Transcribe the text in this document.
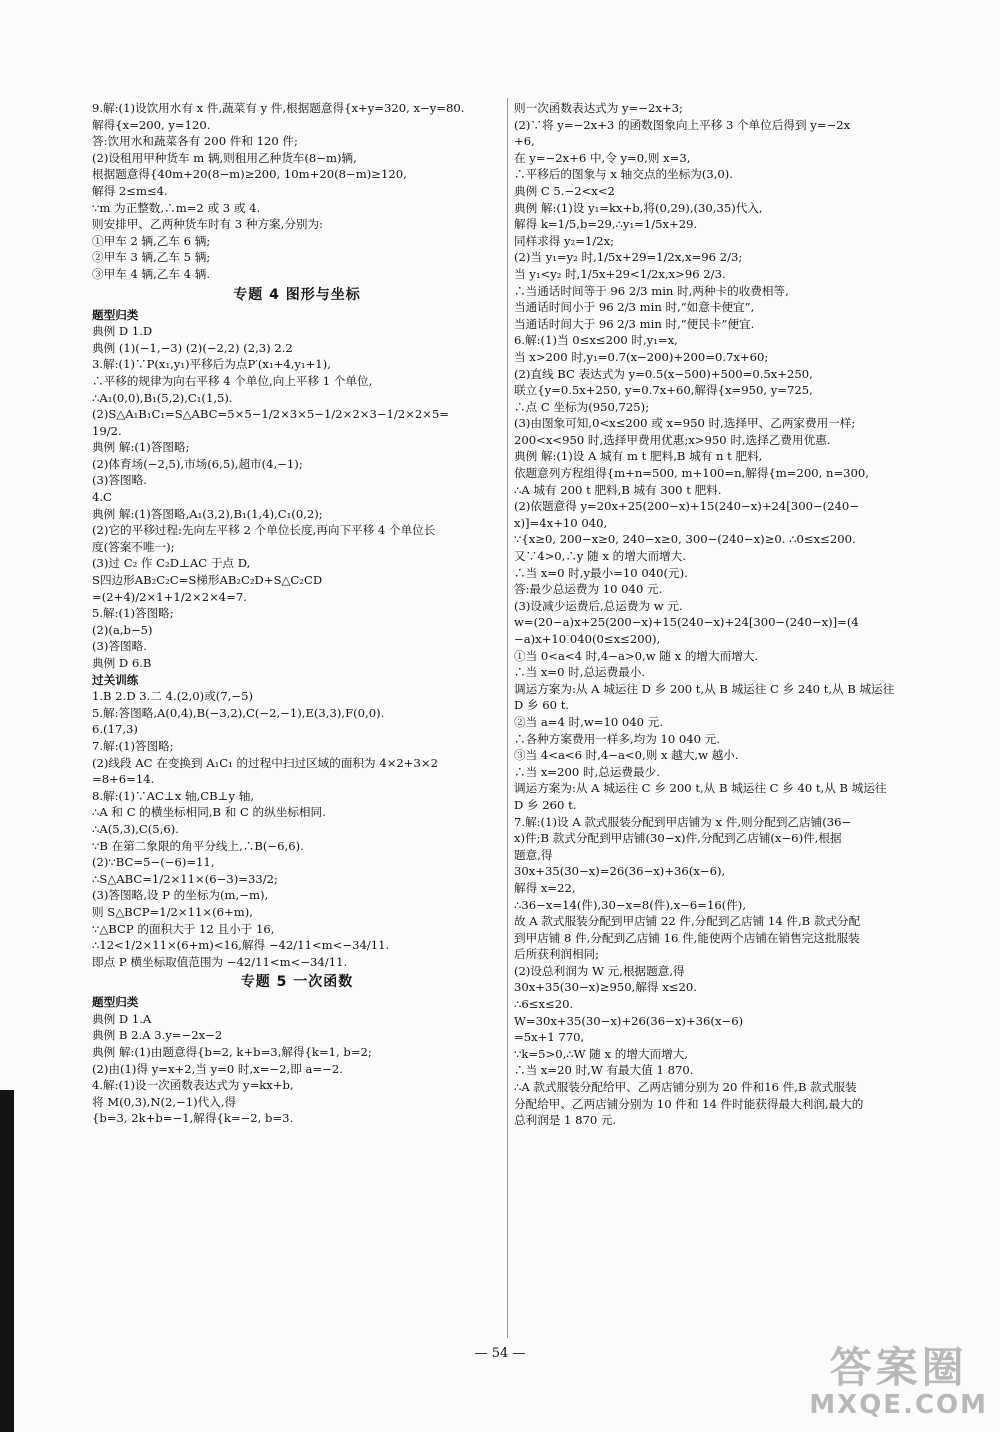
9.解:(1)设饮用水有 x 件,蔬菜有 y 件,根据题意得{x+y=320, x−y=80.
解得{x=200, y=120.
答:饮用水和蔬菜各有 200 件和 120 件;
(2)设租用甲种货车 m 辆,则租用乙种货车(8−m)辆,
根据题意得{40m+20(8−m)≥200, 10m+20(8−m)≥120,
解得 2≤m≤4.
∵m 为正整数,∴m=2 或 3 或 4.
则安排甲、乙两种货车时有 3 种方案,分别为:
①甲车 2 辆,乙车 6 辆;
②甲车 3 辆,乙车 5 辆;
③甲车 4 辆,乙车 4 辆.
专题 4 图形与坐标
题型归类
典例 D 1.D
典例 (1)(−1,−3) (2)(−2,2) (2,3) 2.2
3.解:(1)∵P(x₁,y₁)平移后为点P′(x₁+4,y₁+1),
∴平移的规律为向右平移 4 个单位,向上平移 1 个单位,
∴A₁(0,0),B₁(5,2),C₁(1,5).
(2)S△A₁B₁C₁=S△ABC=5×5−1/2×3×5−1/2×2×3−1/2×2×5=
19/2.
典例 解:(1)答图略;
(2)体育场(−2,5),市场(6,5),超市(4,−1);
(3)答图略.
4.C
典例 解:(1)答图略,A₁(3,2),B₁(1,4),C₁(0,2);
(2)它的平移过程:先向左平移 2 个单位长度,再向下平移 4 个单位长
度(答案不唯一);
(3)过 C₂ 作 C₂D⊥AC 于点 D,
S四边形AB₂C₂C=S梯形AB₂C₂D+S△C₂CD
=(2+4)/2×1+1/2×2×4=7.
5.解:(1)答图略;
(2)(a,b−5)
(3)答图略.
典例 D 6.B
过关训练
1.B 2.D 3.二 4.(2,0)或(7,−5)
5.解:答图略,A(0,4),B(−3,2),C(−2,−1),E(3,3),F(0,0).
6.(17,3)
7.解:(1)答图略;
(2)线段 AC 在变换到 A₁C₁ 的过程中扫过区域的面积为 4×2+3×2
=8+6=14.
8.解:(1)∵AC⊥x 轴,CB⊥y 轴,
∴A 和 C 的横坐标相同,B 和 C 的纵坐标相同.
∴A(5,3),C(5,6).
∵B 在第二象限的角平分线上,∴B(−6,6).
(2)∵BC=5−(−6)=11,
∴S△ABC=1/2×11×(6−3)=33/2;
(3)答图略,设 P 的坐标为(m,−m),
则 S△BCP=1/2×11×(6+m),
∵△BCP 的面积大于 12 且小于 16,
∴12<1/2×11×(6+m)<16,解得 −42/11<m<−34/11.
即点 P 横坐标取值范围为 −42/11<m<−34/11.
专题 5 一次函数
题型归类
典例 D 1.A
典例 B 2.A 3.y=−2x−2
典例 解:(1)由题意得{b=2, k+b=3,解得{k=1, b=2;
(2)由(1)得 y=x+2,当 y=0 时,x=−2,即 a=−2.
4.解:(1)设一次函数表达式为 y=kx+b,
将 M(0,3),N(2,−1)代入,得
{b=3, 2k+b=−1,解得{k=−2, b=3.
则一次函数表达式为 y=−2x+3;
(2)∵将 y=−2x+3 的函数图象向上平移 3 个单位后得到 y=−2x
+6,
在 y=−2x+6 中,令 y=0,则 x=3,
∴平移后的图象与 x 轴交点的坐标为(3,0).
典例 C 5.−2<x<2
典例 解:(1)设 y₁=kx+b,将(0,29),(30,35)代入,
解得 k=1/5,b=29,∴y₁=1/5x+29.
同样求得 y₂=1/2x;
(2)当 y₁=y₂ 时,1/5x+29=1/2x,x=96 2/3;
当 y₁<y₂ 时,1/5x+29<1/2x,x>96 2/3.
∴当通话时间等于 96 2/3 min 时,两种卡的收费相等,
当通话时间小于 96 2/3 min 时,“如意卡便宜”,
当通话时间大于 96 2/3 min 时,“便民卡”便宜.
6.解:(1)当 0≤x≤200 时,y₁=x,
当 x>200 时,y₁=0.7(x−200)+200=0.7x+60;
(2)直线 BC 表达式为 y=0.5(x−500)+500=0.5x+250,
联立{y=0.5x+250, y=0.7x+60,解得{x=950, y=725,
∴点 C 坐标为(950,725);
(3)由图象可知,0<x≤200 或 x=950 时,选择甲、乙两家费用一样;
200<x<950 时,选择甲费用优惠;x>950 时,选择乙费用优惠.
典例 解:(1)设 A 城有 m t 肥料,B 城有 n t 肥料,
依题意列方程组得{m+n=500, m+100=n,解得{m=200, n=300,
∴A 城有 200 t 肥料,B 城有 300 t 肥料.
(2)依题意得 y=20x+25(200−x)+15(240−x)+24[300−(240−
x)]=4x+10 040,
∵{x≥0, 200−x≥0, 240−x≥0, 300−(240−x)≥0. ∴0≤x≤200.
又∵4>0,∴y 随 x 的增大而增大.
∴当 x=0 时,y最小=10 040(元).
答:最少总运费为 10 040 元.
(3)设减少运费后,总运费为 w 元.
w=(20−a)x+25(200−x)+15(240−x)+24[300−(240−x)]=(4
−a)x+10 040(0≤x≤200),
①当 0<a<4 时,4−a>0,w 随 x 的增大而增大.
∴当 x=0 时,总运费最小.
调运方案为:从 A 城运往 D 乡 200 t,从 B 城运往 C 乡 240 t,从 B 城运往
D 乡 60 t.
②当 a=4 时,w=10 040 元.
∴各种方案费用一样多,均为 10 040 元.
③当 4<a<6 时,4−a<0,则 x 越大,w 越小.
∴当 x=200 时,总运费最少.
调运方案为:从 A 城运往 C 乡 200 t,从 B 城运往 C 乡 40 t,从 B 城运往
D 乡 260 t.
7.解:(1)设 A 款式服装分配到甲店铺为 x 件,则分配到乙店铺(36−
x)件;B 款式分配到甲店铺(30−x)件,分配到乙店铺(x−6)件,根据
题意,得
30x+35(30−x)=26(36−x)+36(x−6),
解得 x=22,
∴36−x=14(件),30−x=8(件),x−6=16(件),
故 A 款式服装分配到甲店铺 22 件,分配到乙店铺 14 件,B 款式分配
到甲店铺 8 件,分配到乙店铺 16 件,能使两个店铺在销售完这批服装
后所获利润相同;
(2)设总利润为 W 元,根据题意,得
30x+35(30−x)≥950,解得 x≤20.
∴6≤x≤20.
W=30x+35(30−x)+26(36−x)+36(x−6)
=5x+1 770,
∵k=5>0,∴W 随 x 的增大而增大,
∴当 x=20 时,W 有最大值 1 870.
∴A 款式服装分配给甲、乙两店铺分别为 20 件和16 件,B 款式服装
分配给甲、乙两店铺分别为 10 件和 14 件时能获得最大利润,最大的
总利润是 1 870 元.
— 54 —	答案圈
MXQE.COM
